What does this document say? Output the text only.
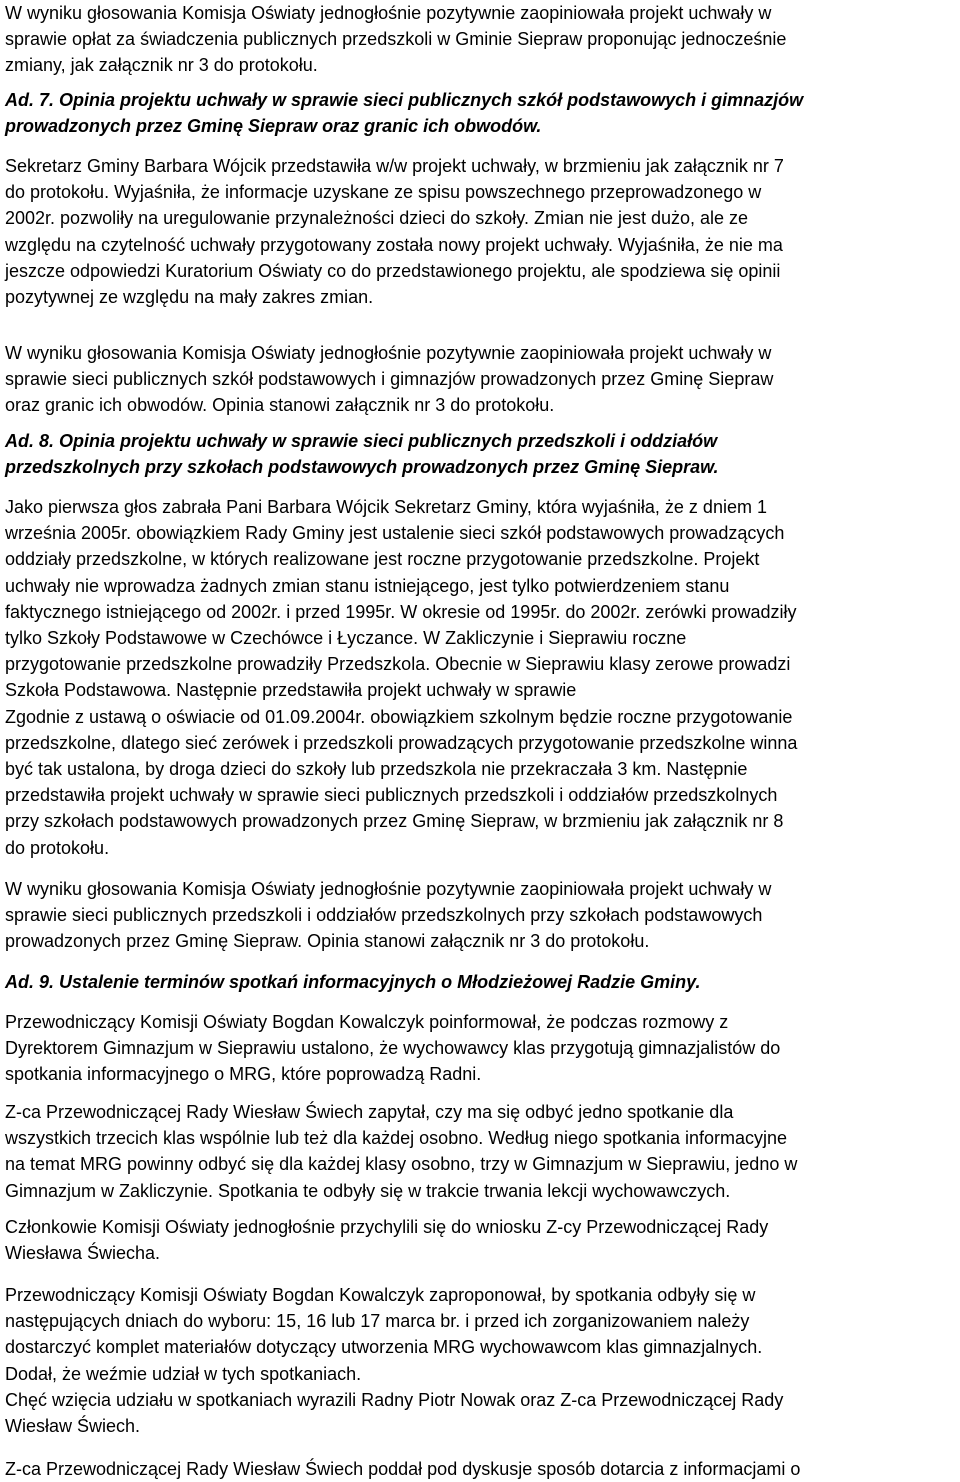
W wyniku głosowania Komisja Oświaty jednogłośnie pozytywnie zaopiniowała projekt uchwały w
sprawie opłat za świadczenia publicznych przedszkoli w Gminie Siepraw proponując jednocześnie
zmiany, jak załącznik nr 3 do protokołu.
Ad. 7. Opinia projektu uchwały w sprawie sieci publicznych szkół podstawowych i gimnazjów
prowadzonych przez Gminę Siepraw oraz granic ich obwodów.
Sekretarz Gminy Barbara Wójcik przedstawiła w/w projekt uchwały, w brzmieniu jak załącznik nr 7
do protokołu. Wyjaśniła, że informacje uzyskane ze spisu powszechnego przeprowadzonego w
2002r. pozwoliły na uregulowanie przynależności dzieci do szkoły. Zmian nie jest dużo, ale ze
względu na czytelność uchwały przygotowany została nowy projekt uchwały. Wyjaśniła, że nie ma
jeszcze odpowiedzi Kuratorium Oświaty co do przedstawionego projektu, ale spodziewa się opinii
pozytywnej ze względu na mały zakres zmian.
W wyniku głosowania Komisja Oświaty jednogłośnie pozytywnie zaopiniowała projekt uchwały w
sprawie sieci publicznych szkół podstawowych i gimnazjów prowadzonych przez Gminę Siepraw
oraz granic ich obwodów. Opinia stanowi załącznik nr 3 do protokołu.
Ad. 8. Opinia projektu uchwały w sprawie sieci publicznych przedszkoli i oddziałów
przedszkolnych przy szkołach podstawowych prowadzonych przez Gminę Siepraw.
Jako pierwsza głos zabrała Pani Barbara Wójcik Sekretarz Gminy, która wyjaśniła, że z dniem 1
września 2005r. obowiązkiem Rady Gminy jest ustalenie sieci szkół podstawowych prowadzących
oddziały przedszkolne, w których realizowane jest roczne przygotowanie przedszkolne. Projekt
uchwały nie wprowadza żadnych zmian stanu istniejącego, jest tylko potwierdzeniem stanu
faktycznego istniejącego od 2002r. i przed 1995r. W okresie od 1995r. do 2002r. zerówki prowadziły
tylko Szkoły Podstawowe w Czechówce i Łyczance. W Zakliczynie i Sieprawiu roczne
przygotowanie przedszkolne prowadziły Przedszkola. Obecnie w Sieprawiu klasy zerowe prowadzi
Szkoła Podstawowa. Następnie przedstawiła projekt uchwały w sprawie
Zgodnie z ustawą o oświacie od 01.09.2004r. obowiązkiem szkolnym będzie roczne przygotowanie
przedszkolne, dlatego sieć zerówek i przedszkoli prowadzących przygotowanie przedszkolne winna
być tak ustalona, by droga dzieci do szkoły lub przedszkola nie przekraczała 3 km. Następnie
przedstawiła projekt uchwały w sprawie sieci publicznych przedszkoli i oddziałów przedszkolnych
przy szkołach podstawowych prowadzonych przez Gminę Siepraw, w brzmieniu jak załącznik nr 8
do protokołu.
W wyniku głosowania Komisja Oświaty jednogłośnie pozytywnie zaopiniowała projekt uchwały w
sprawie sieci publicznych przedszkoli i oddziałów przedszkolnych przy szkołach podstawowych
prowadzonych przez Gminę Siepraw. Opinia stanowi załącznik nr 3 do protokołu.
Ad. 9. Ustalenie terminów spotkań informacyjnych o Młodzieżowej Radzie Gminy.
Przewodniczący Komisji Oświaty Bogdan Kowalczyk poinformował, że podczas rozmowy z
Dyrektorem Gimnazjum w Sieprawiu ustalono, że wychowawcy klas przygotują gimnazjalistów do
spotkania informacyjnego o MRG, które poprowadzą Radni.
Z-ca Przewodniczącej Rady Wiesław Świech zapytał, czy ma się odbyć jedno spotkanie dla
wszystkich trzecich klas wspólnie lub też dla każdej osobno. Według niego spotkania informacyjne
na temat MRG powinny odbyć się dla każdej klasy osobno, trzy w Gimnazjum w Sieprawiu, jedno w
Gimnazjum w Zakliczynie. Spotkania te odbyły się w trakcie trwania lekcji wychowawczych.
Członkowie Komisji Oświaty jednogłośnie przychylili się do wniosku Z-cy Przewodniczącej Rady
Wiesława Świecha.
Przewodniczący Komisji Oświaty Bogdan Kowalczyk zaproponował, by spotkania odbyły się w
następujących dniach do wyboru: 15, 16 lub 17 marca br. i przed ich zorganizowaniem należy
dostarczyć komplet materiałów dotyczący utworzenia MRG wychowawcom klas gimnazjalnych.
Dodał, że weźmie udział w tych spotkaniach.
Chęć wzięcia udziału w spotkaniach wyrazili Radny Piotr Nowak oraz Z-ca Przewodniczącej Rady
Wiesław Świech.
Z-ca Przewodniczącej Rady Wiesław Świech poddał pod dyskusje sposób dotarcia z informacjami o
